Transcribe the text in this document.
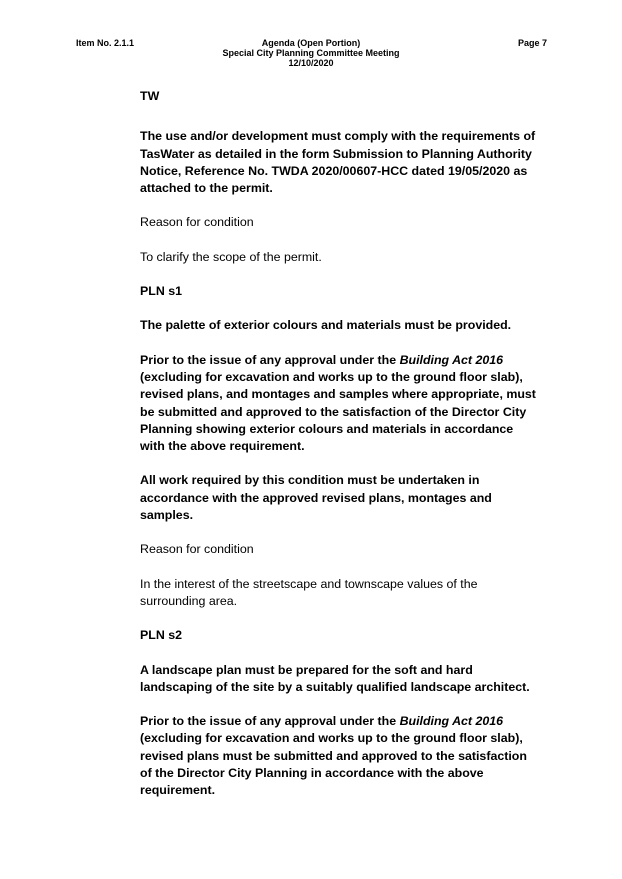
Item No. 2.1.1	Agenda (Open Portion)
Special City Planning Committee Meeting
12/10/2020
Page 7

TW

The use and/or development must comply with the requirements of TasWater as detailed in the form Submission to Planning Authority Notice, Reference No. TWDA 2020/00607-HCC dated 19/05/2020 as attached to the permit.

Reason for condition

To clarify the scope of the permit.

PLN s1

The palette of exterior colours and materials must be provided.

Prior to the issue of any approval under the Building Act 2016 (excluding for excavation and works up to the ground floor slab), revised plans, and montages and samples where appropriate, must be submitted and approved to the satisfaction of the Director City Planning showing exterior colours and materials in accordance with the above requirement.

All work required by this condition must be undertaken in accordance with the approved revised plans, montages and samples.

Reason for condition

In the interest of the streetscape and townscape values of the surrounding area.

PLN s2

A landscape plan must be prepared for the soft and hard landscaping of the site by a suitably qualified landscape architect.

Prior to the issue of any approval under the Building Act 2016 (excluding for excavation and works up to the ground floor slab), revised plans must be submitted and approved to the satisfaction of the Director City Planning in accordance with the above requirement.
